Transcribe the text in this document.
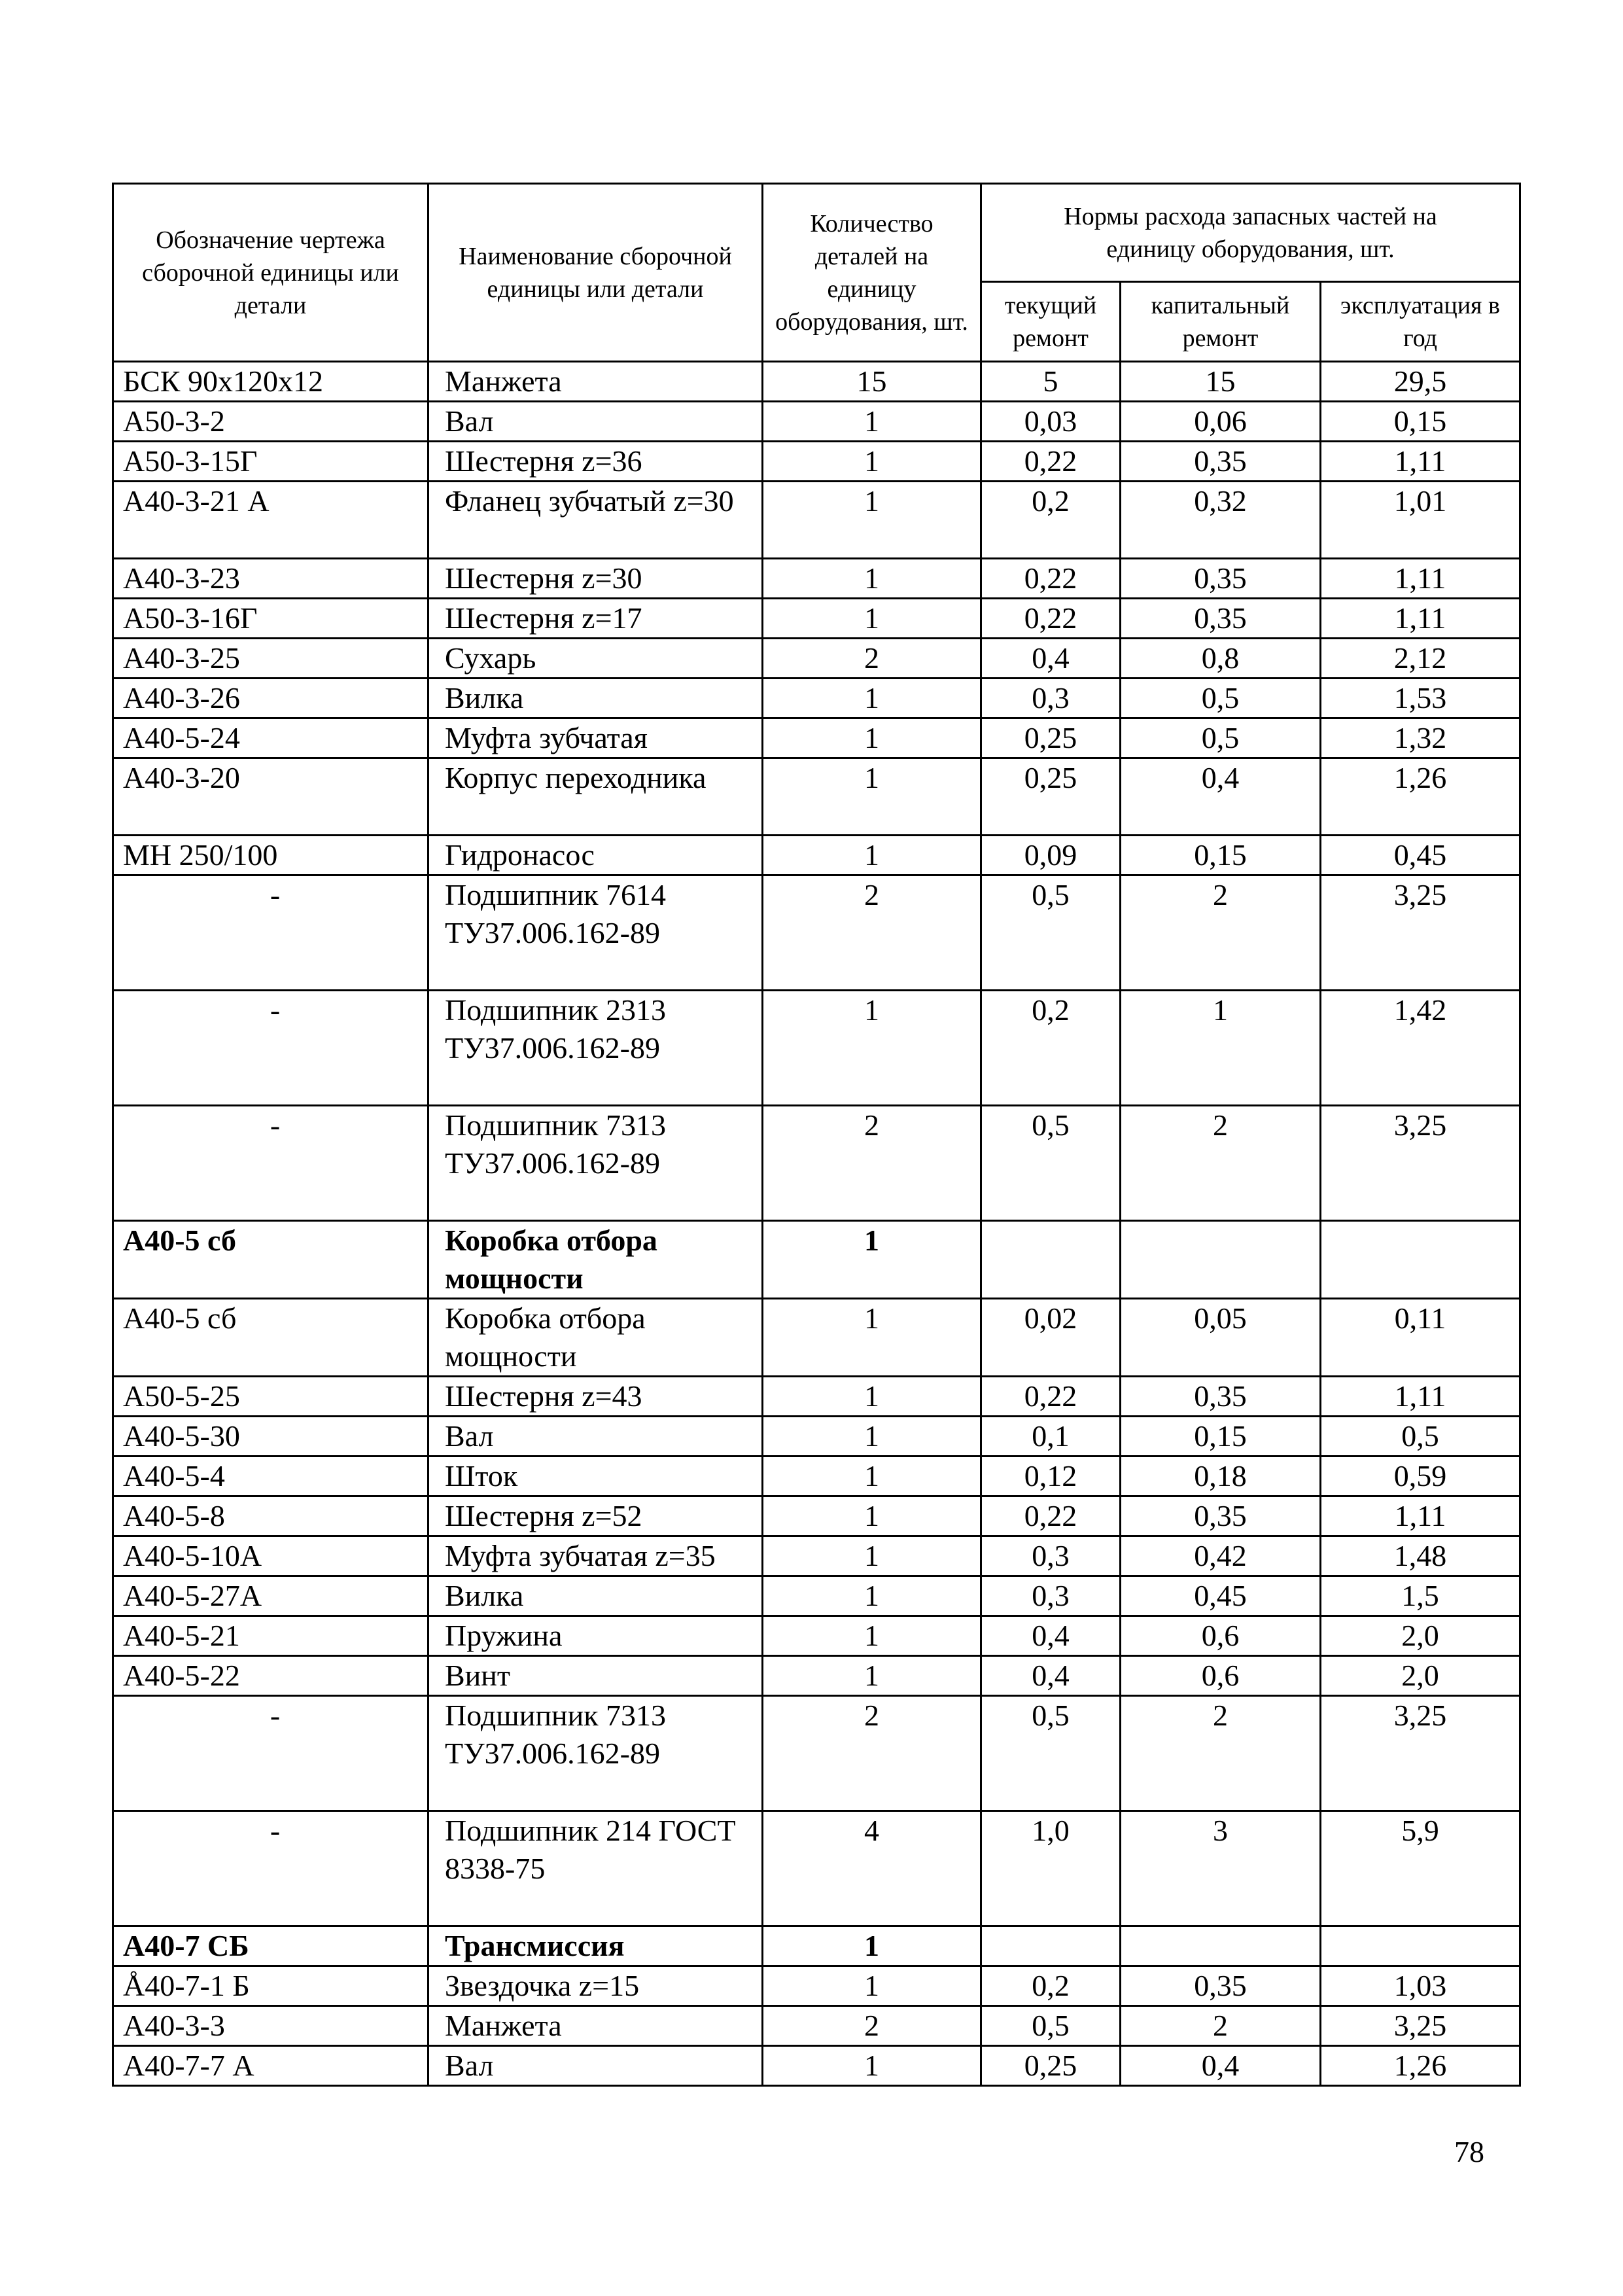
Обозначение чертежа сборочной единицы или детали	Наименование сборочной единицы или детали	Количество деталей на единицу оборудования, шт.	Нормы расхода запасных частей на единицу оборудования, шт.		
			текущий ремонт	капитальный ремонт	эксплуатация в год
БСК 90х120х12	Манжета	15	5	15	29,5
А50-3-2	Вал	1	0,03	0,06	0,15
А50-3-15Г	Шестерня z=36	1	0,22	0,35	1,11
А40-3-21 А	Фланец зубчатый z=30	1	0,2	0,32	1,01
А40-3-23	Шестерня z=30	1	0,22	0,35	1,11
А50-3-16Г	Шестерня z=17	1	0,22	0,35	1,11
А40-3-25	Сухарь	2	0,4	0,8	2,12
А40-3-26	Вилка	1	0,3	0,5	1,53
А40-5-24	Муфта зубчатая	1	0,25	0,5	1,32
А40-3-20	Корпус переходника	1	0,25	0,4	1,26
МН 250/100	Гидронасос	1	0,09	0,15	0,45
-	Подшипник 7614 ТУ37.006.162-89	2	0,5	2	3,25
-	Подшипник 2313 ТУ37.006.162-89	1	0,2	1	1,42
-	Подшипник 7313 ТУ37.006.162-89	2	0,5	2	3,25
А40-5 сб	Коробка отбора мощности	1			
А40-5 сб	Коробка отбора мощности	1	0,02	0,05	0,11
А50-5-25	Шестерня z=43	1	0,22	0,35	1,11
А40-5-30	Вал	1	0,1	0,15	0,5
А40-5-4	Шток	1	0,12	0,18	0,59
А40-5-8	Шестерня z=52	1	0,22	0,35	1,11
А40-5-10А	Муфта зубчатая z=35	1	0,3	0,42	1,48
А40-5-27А	Вилка	1	0,3	0,45	1,5
А40-5-21	Пружина	1	0,4	0,6	2,0
А40-5-22	Винт	1	0,4	0,6	2,0
-	Подшипник 7313 ТУ37.006.162-89	2	0,5	2	3,25
-	Подшипник 214 ГОСТ 8338-75	4	1,0	3	5,9
А40-7 СБ	Трансмиссия	1			
Å40-7-1 Б	Звездочка z=15	1	0,2	0,35	1,03
А40-3-3	Манжета	2	0,5	2	3,25
А40-7-7 А	Вал	1	0,25	0,4	1,26
78
